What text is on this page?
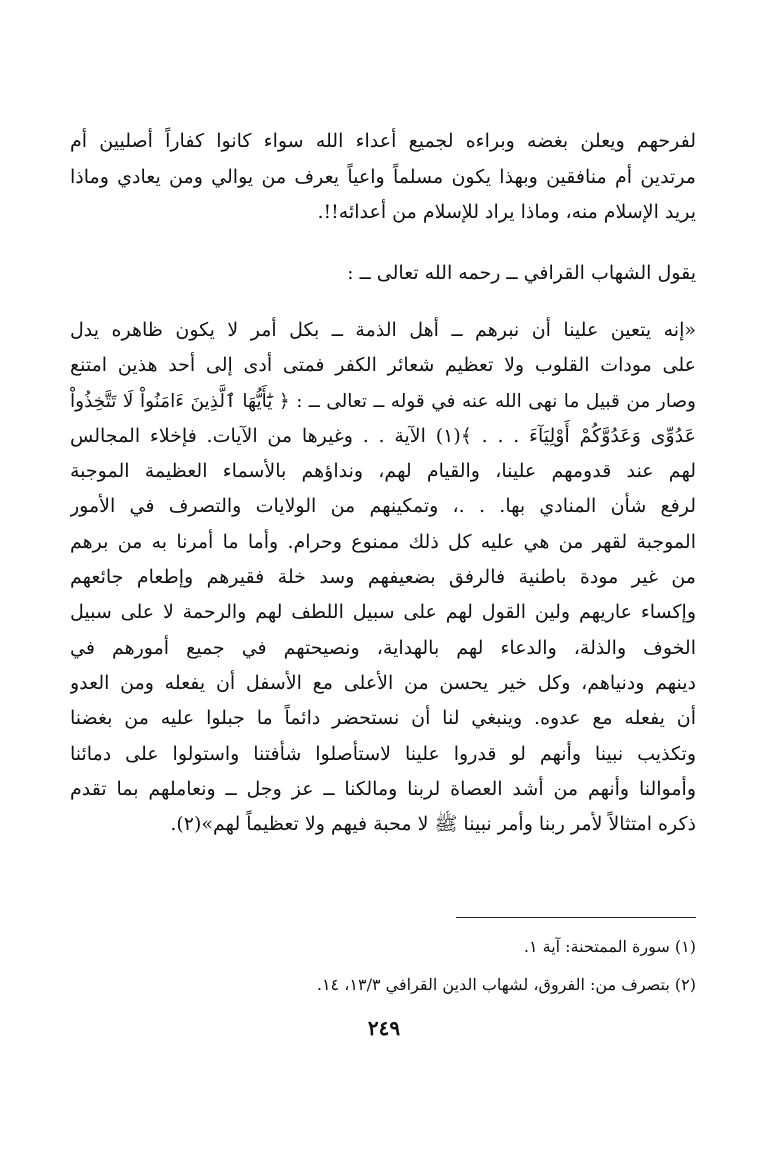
لفرحهم ويعلن بغضه وبراءه لجميع أعداء الله سواء كانوا كفاراً أصليين أم
مرتدين أم منافقين وبهذا يكون مسلماً واعياً يعرف من يوالي ومن يعادي وماذا
يريد الإسلام منه، وماذا يراد للإسلام من أعدائه!!.
يقول الشهاب القرافي ــ رحمه الله تعالى ــ :
«إنه يتعين علينا أن نبرهم ــ أهل الذمة ــ بكل أمر لا يكون ظاهره يدل
على مودات القلوب ولا تعظيم شعائر الكفر فمتى أدى إلى أحد هذين امتنع
وصار من قبيل ما نهى الله عنه في قوله ــ تعالى ــ : ﴿ يَٰٓأَيُّهَا ٱلَّذِينَ ءَامَنُواْ لَا تَتَّخِذُواْ
عَدُوِّى وَعَدُوَّكُمْ أَوْلِيَآءَ . . . ﴾(١) الآية . . وغيرها من الآيات. فإخلاء المجالس
لهم عند قدومهم علينا، والقيام لهم، ونداؤهم بالأسماء العظيمة الموجبة
لرفع شأن المنادي بها. . .، وتمكينهم من الولايات والتصرف في الأمور
الموجبة لقهر من هي عليه كل ذلك ممنوع وحرام. وأما ما أمرنا به من برهم
من غير مودة باطنية فالرفق بضعيفهم وسد خلة فقيرهم وإطعام جائعهم
وإكساء عاريهم ولين القول لهم على سبيل اللطف لهم والرحمة لا على سبيل
الخوف والذلة، والدعاء لهم بالهداية، ونصيحتهم في جميع أمورهم في
دينهم ودنياهم، وكل خير يحسن من الأعلى مع الأسفل أن يفعله ومن العدو
أن يفعله مع عدوه. وينبغي لنا أن نستحضر دائماً ما جبلوا عليه من بغضنا
وتكذيب نبينا وأنهم لو قدروا علينا لاستأصلوا شأفتنا واستولوا على دمائنا
وأموالنا وأنهم من أشد العصاة لربنا ومالكنا ــ عز وجل ــ ونعاملهم بما تقدم
ذكره امتثالاً لأمر ربنا وأمر نبينا ﷺ لا محبة فيهم ولا تعظيماً لهم»(٢).
(١) سورة الممتحنة: آية ١.
(٢) بتصرف من: الفروق، لشهاب الدين القرافي ١٣/٣، ١٤.
٢٤٩
